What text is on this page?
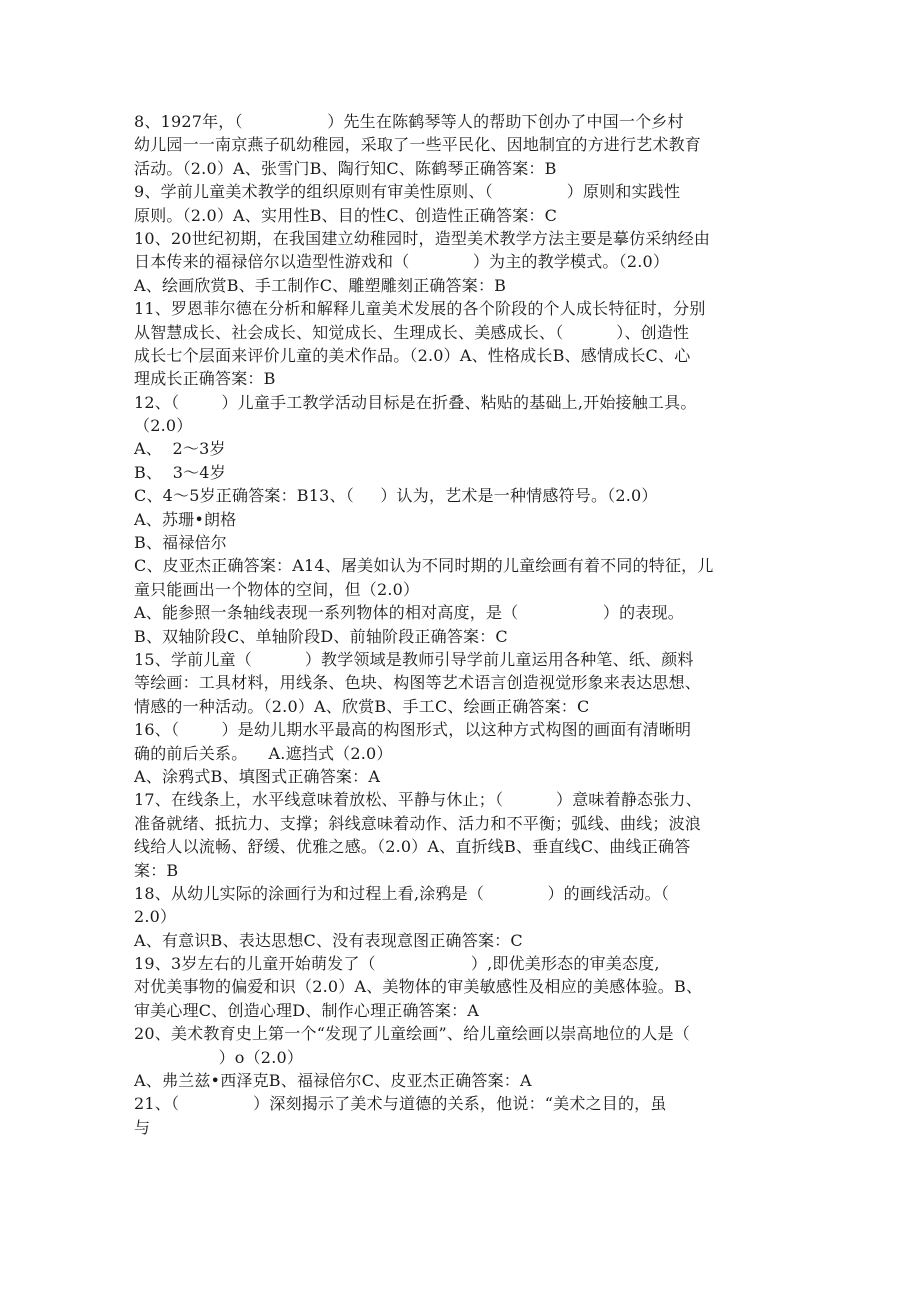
8、1927年，（                ）先生在陈鹤琴等人的帮助下创办了中国一个乡村
幼儿园一一南京燕子矶幼稚园，采取了一些平民化、因地制宜的方进行艺术教育
活动。（2.0）A、张雪门B、陶行知C、陈鹤琴正确答案：B
9、学前儿童美术教学的组织原则有审美性原则、（              ）原则和实践性
原则。（2.0）A、实用性B、目的性C、创造性正确答案：C
10、20世纪初期，在我国建立幼稚园时，造型美术教学方法主要是摹仿采纳经由
日本传来的福禄倍尔以造型性游戏和（            ）为主的教学模式。（2.0）
A、绘画欣赏B、手工制作C、雕塑雕刻正确答案：B
11、罗恩菲尔德在分析和解释儿童美术发展的各个阶段的个人成长特征时，分别
从智慧成长、社会成长、知觉成长、生理成长、美感成长、（          ）、创造性
成长七个层面来评价儿童的美术作品。（2.0）A、性格成长B、感情成长C、心
理成长正确答案：B
12、（        ）儿童手工教学活动目标是在折叠、粘贴的基础上,开始接触工具。
（2.0）
A、  2～3岁
B、  3～4岁
C、4～5岁正确答案：B13、（     ）认为，艺术是一种情感符号。（2.0）
A、苏珊•朗格
B、福禄倍尔
C、皮亚杰正确答案：A14、屠美如认为不同时期的儿童绘画有着不同的特征，儿
童只能画出一个物体的空间，但（2.0）
A、能参照一条轴线表现一系列物体的相对高度，是（                ）的表现。
B、双轴阶段C、单轴阶段D、前轴阶段正确答案：C
15、学前儿童（          ）教学领域是教师引导学前儿童运用各种笔、纸、颜料
等绘画：工具材料，用线条、色块、构图等艺术语言创造视觉形象来表达思想、
情感的一种活动。（2.0）A、欣赏B、手工C、绘画正确答案：C
16、（        ）是幼儿期水平最高的构图形式，以这种方式构图的画面有清晰明
确的前后关系。    A.遮挡式（2.0）
A、涂鸦式B、填图式正确答案：A
17、在线条上，水平线意味着放松、平静与休止；（          ）意味着静态张力、
准备就绪、抵抗力、支撑；斜线意味着动作、活力和不平衡；弧线、曲线；波浪
线给人以流畅、舒缓、优雅之感。（2.0）A、直折线B、垂直线C、曲线正确答
案：B
18、从幼儿实际的涂画行为和过程上看,涂鸦是（            ）的画线活动。（
2.0）
A、有意识B、表达思想C、没有表现意图正确答案：C
19、3岁左右的儿童开始萌发了（                  ）,即优美形态的审美态度,
对优美事物的偏爱和识（2.0）A、美物体的审美敏感性及相应的美感体验。B、
审美心理C、创造心理D、制作心理正确答案：A
20、美术教育史上第一个“发现了儿童绘画”、给儿童绘画以崇高地位的人是（
）o（2.0）
A、弗兰兹•西泽克B、福禄倍尔C、皮亚杰正确答案：A
21、（              ）深刻揭示了美术与道德的关系，他说：“美术之目的，虽
与
